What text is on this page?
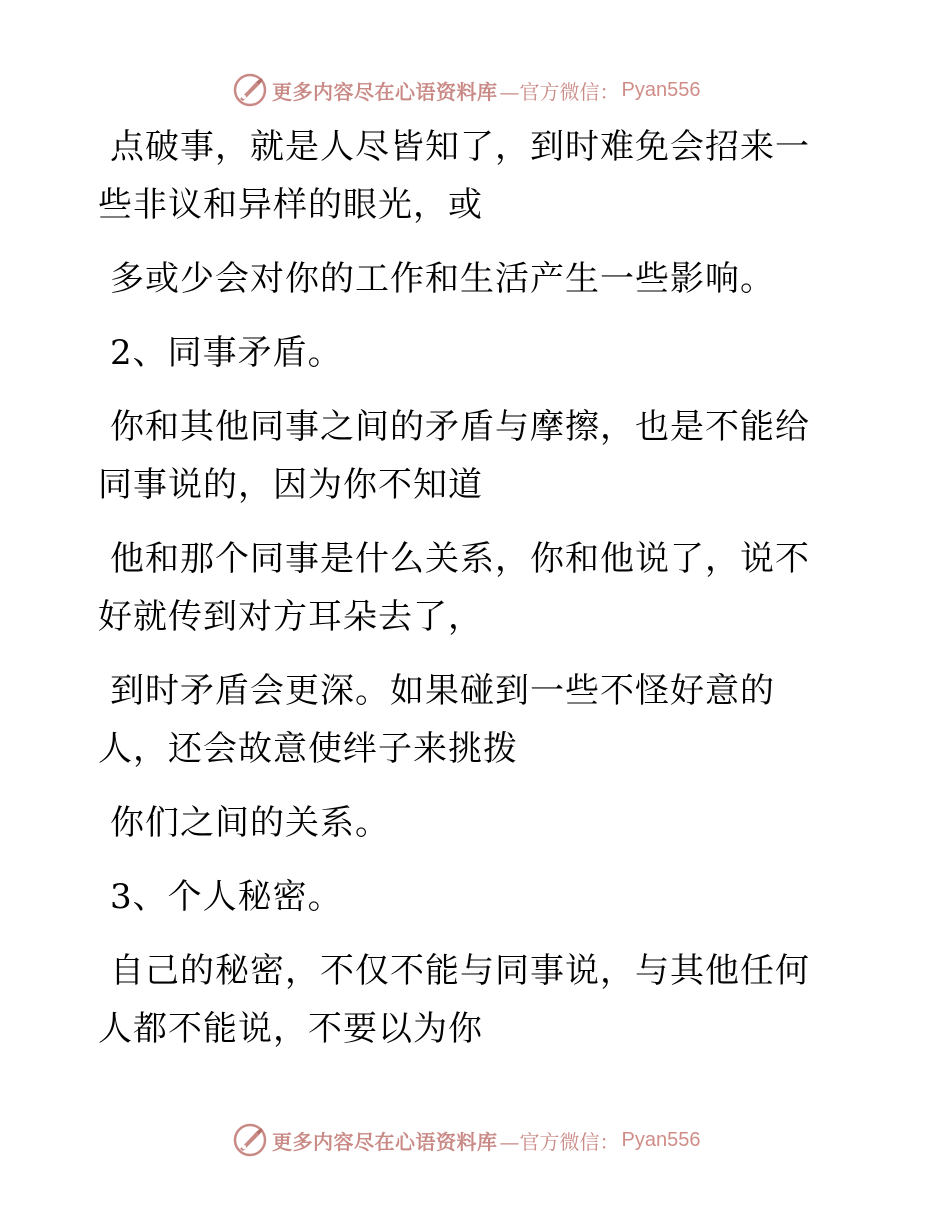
更多内容尽在心语资料库 —官方微信： Pyan556

点破事，就是人尽皆知了，到时难免会招来一些非议和异样的眼光，或

多或少会对你的工作和生活产生一些影响。

2、同事矛盾。

你和其他同事之间的矛盾与摩擦，也是不能给同事说的，因为你不知道

他和那个同事是什么关系，你和他说了，说不好就传到对方耳朵去了，

到时矛盾会更深。如果碰到一些不怪好意的人，还会故意使绊子来挑拨

你们之间的关系。

3、个人秘密。

自己的秘密，不仅不能与同事说，与其他任何人都不能说，不要以为你

更多内容尽在心语资料库 —官方微信： Pyan556
